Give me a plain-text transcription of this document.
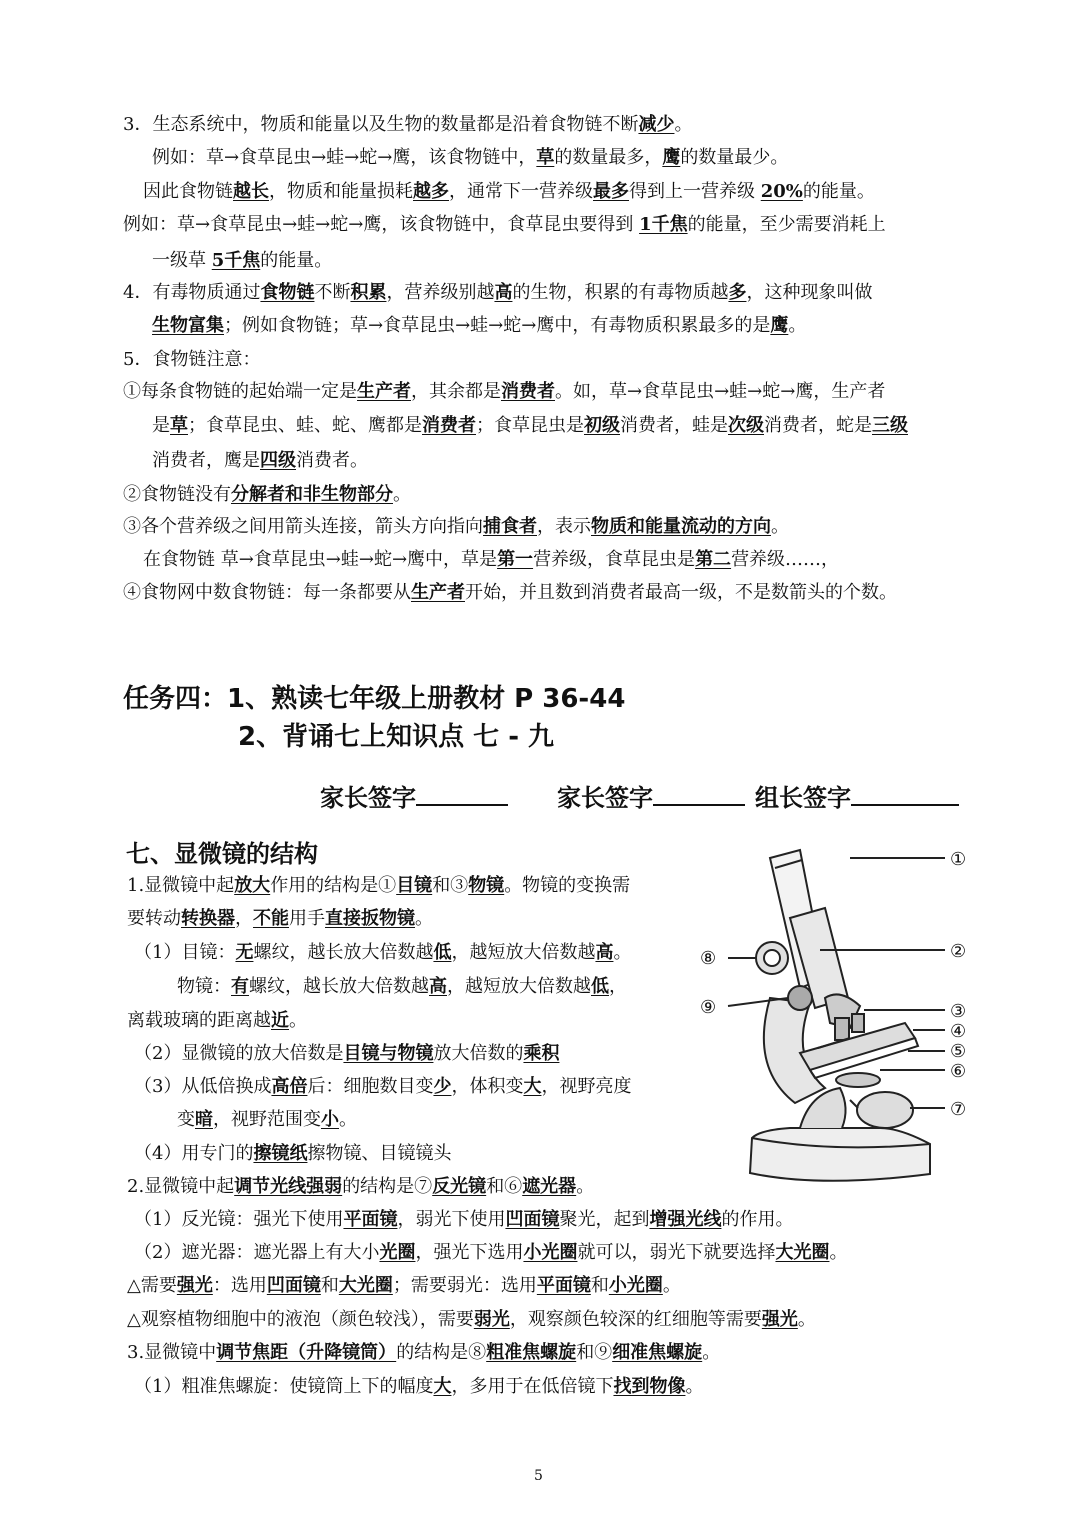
3．生态系统中，物质和能量以及生物的数量都是沿着食物链不断减少。
例如：草→食草昆虫→蛙→蛇→鹰，该食物链中，草的数量最多，鹰的数量最少。
因此食物链越长，物质和能量损耗越多，通常下一营养级最多得到上一营养级 20%的能量。
例如：草→食草昆虫→蛙→蛇→鹰，该食物链中，食草昆虫要得到 1千焦的能量，至少需要消耗上
一级草 5千焦的能量。
4．有毒物质通过食物链不断积累，营养级别越高的生物，积累的有毒物质越多，这种现象叫做
生物富集；例如食物链；草→食草昆虫→蛙→蛇→鹰中，有毒物质积累最多的是鹰。
5．食物链注意：
①每条食物链的起始端一定是生产者，其余都是消费者。如，草→食草昆虫→蛙→蛇→鹰，生产者
是草；食草昆虫、蛙、蛇、鹰都是消费者；食草昆虫是初级消费者，蛙是次级消费者，蛇是三级
消费者，鹰是四级消费者。
②食物链没有分解者和非生物部分。
③各个营养级之间用箭头连接，箭头方向指向捕食者，表示物质和能量流动的方向。
在食物链 草→食草昆虫→蛙→蛇→鹰中，草是第一营养级，食草昆虫是第二营养级……，
④食物网中数食物链：每一条都要从生产者开始，并且数到消费者最高一级，不是数箭头的个数。
任务四：1、熟读七年级上册教材 P 36-44
2、背诵七上知识点 七 - 九
家长签字	家长签字	组长签字
七、显微镜的结构
1.显微镜中起放大作用的结构是①目镜和③物镜。物镜的变换需
要转动转换器，不能用手直接扳物镜。
（1）目镜：无螺纹，越长放大倍数越低，越短放大倍数越高。
物镜：有螺纹，越长放大倍数越高，越短放大倍数越低，
离载玻璃的距离越近。
（2）显微镜的放大倍数是目镜与物镜放大倍数的乘积
（3）从低倍换成高倍后：细胞数目变少，体积变大，视野亮度
变暗，视野范围变小。
（4）用专门的擦镜纸擦物镜、目镜镜头
2.显微镜中起调节光线强弱的结构是⑦反光镜和⑥遮光器。
（1）反光镜：强光下使用平面镜，弱光下使用凹面镜聚光，起到增强光线的作用。
（2）遮光器：遮光器上有大小光圈，强光下选用小光圈就可以，弱光下就要选择大光圈。
△需要强光：选用凹面镜和大光圈；需要弱光：选用平面镜和小光圈。
△观察植物细胞中的液泡（颜色较浅），需要弱光，观察颜色较深的红细胞等需要强光。
3.显微镜中调节焦距（升降镜筒）的结构是⑧粗准焦螺旋和⑨细准焦螺旋。
（1）粗准焦螺旋：使镜筒上下的幅度大，多用于在低倍镜下找到物像。
①
②
③
④
⑤
⑥
⑦
⑧
⑨
5
